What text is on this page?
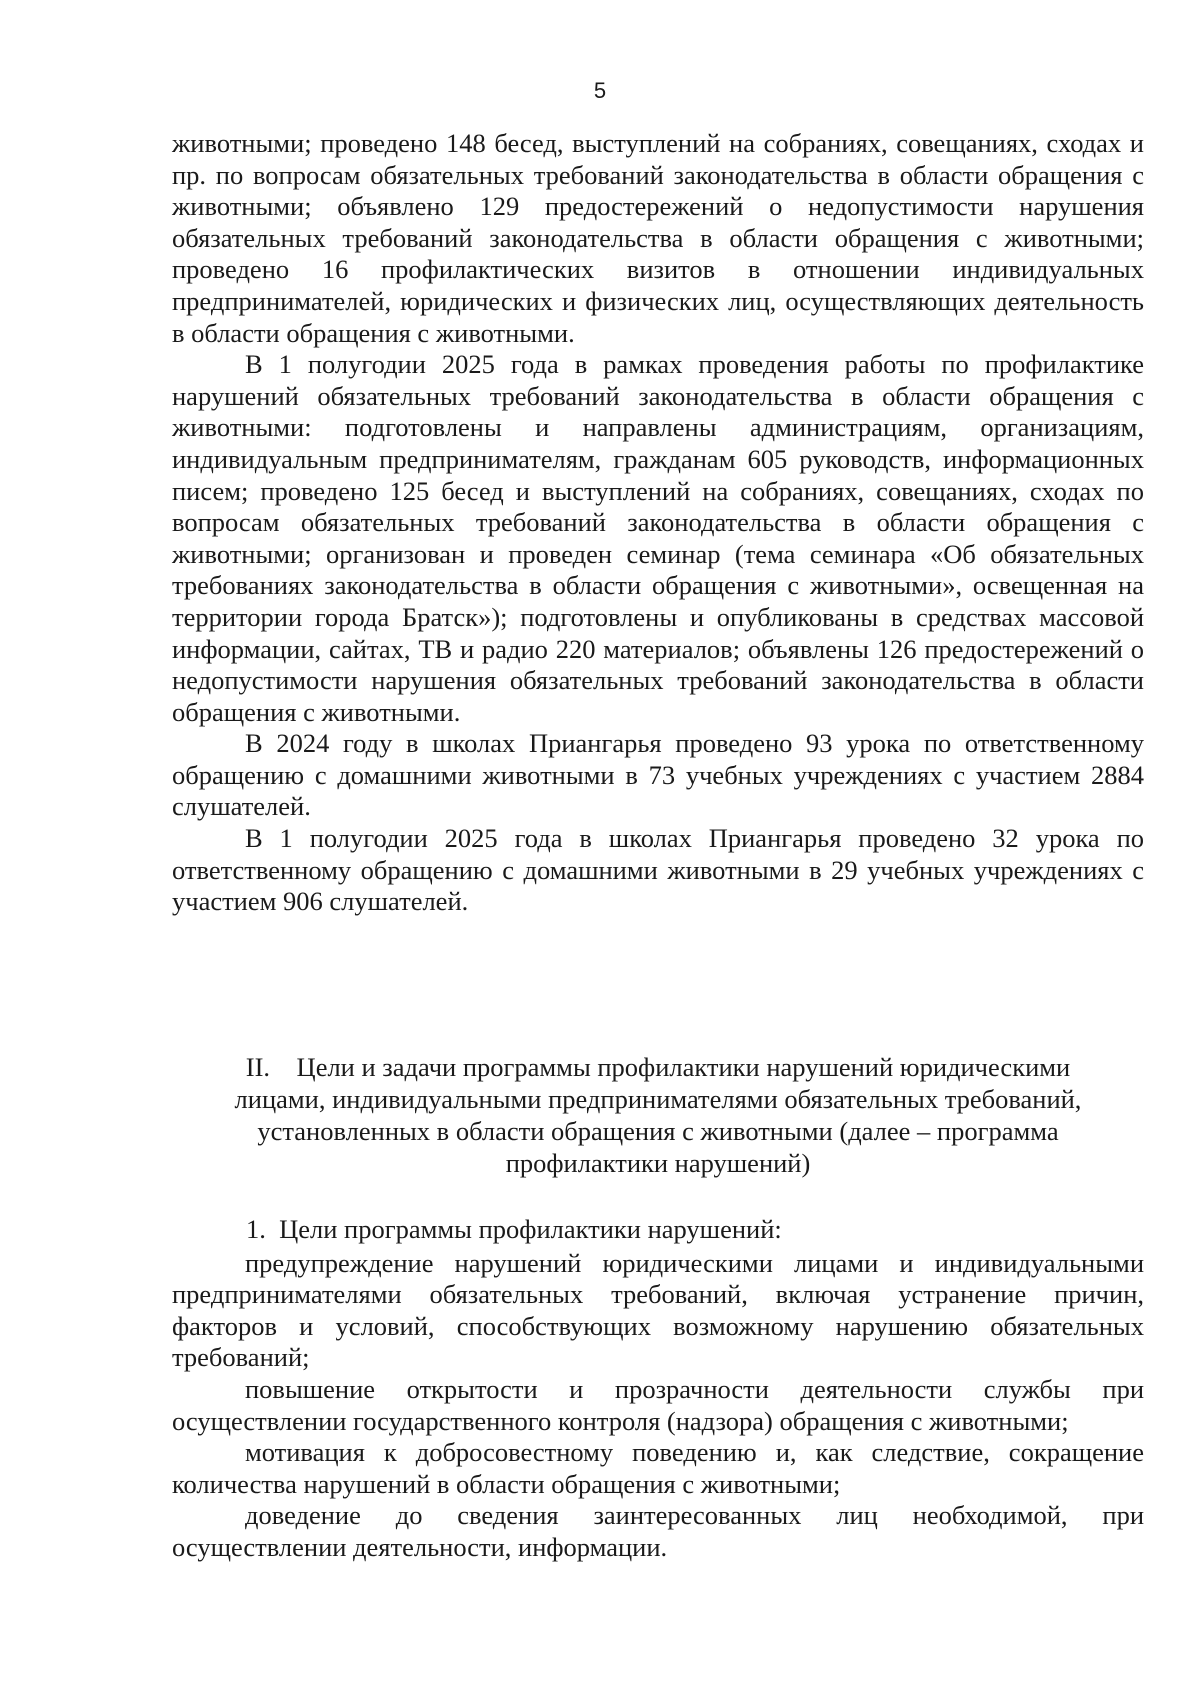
5

животными; проведено 148 бесед, выступлений на собраниях, совещаниях, сходах и пр. по вопросам обязательных требований законодательства в области обращения с животными; объявлено 129 предостережений о недопустимости нарушения обязательных требований законодательства в области обращения с животными; проведено 16 профилактических визитов в отношении индивидуальных предпринимателей, юридических и физических лиц, осуществляющих деятельность в области обращения с животными.

В 1 полугодии 2025 года в рамках проведения работы по профилактике нарушений обязательных требований законодательства в области обращения с животными: подготовлены и направлены администрациям, организациям, индивидуальным предпринимателям, гражданам 605 руководств, информационных писем; проведено 125 бесед и выступлений на собраниях, совещаниях, сходах по вопросам обязательных требований законодательства в области обращения с животными; организован и проведен семинар (тема семинара «Об обязательных требованиях законодательства в области обращения с животными», освещенная на территории города Братск»); подготовлены и опубликованы в средствах массовой информации, сайтах, ТВ и радио 220 материалов; объявлены 126 предостережений о недопустимости нарушения обязательных требований законодательства в области обращения с животными.

В 2024 году в школах Приангарья проведено 93 урока по ответственному обращению с домашними животными в 73 учебных учреждениях с участием 2884 слушателей.

В 1 полугодии 2025 года в школах Приангарья проведено 32 урока по ответственному обращению с домашними животными в 29 учебных учреждениях с участием 906 слушателей.

II.    Цели и задачи программы профилактики нарушений юридическими

лицами, индивидуальными предпринимателями обязательных требований,

установленных в области обращения с животными (далее – программа

профилактики нарушений)

1.  Цели программы профилактики нарушений:

предупреждение нарушений юридическими лицами и индивидуальными предпринимателями обязательных требований, включая устранение причин, факторов и условий, способствующих возможному нарушению обязательных требований;

повышение открытости и прозрачности деятельности службы при осуществлении государственного контроля (надзора) обращения с животными;

мотивация к добросовестному поведению и, как следствие, сокращение количества нарушений в области обращения с животными;

доведение до сведения заинтересованных лиц необходимой, при осуществлении деятельности, информации.
